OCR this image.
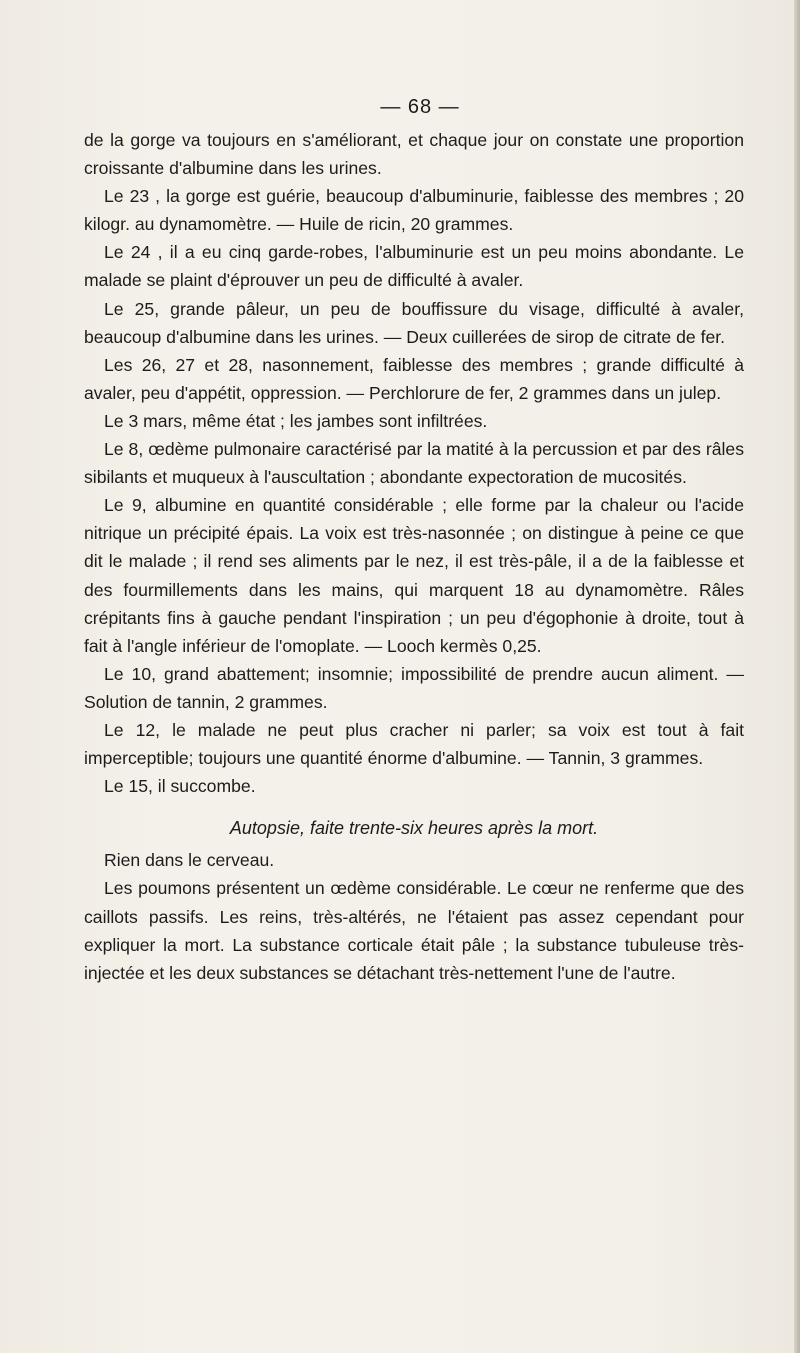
— 68 —

de la gorge va toujours en s'améliorant, et chaque jour on constate une proportion croissante d'albumine dans les urines.

Le 23 , la gorge est guérie, beaucoup d'albuminurie, faiblesse des membres ; 20 kilogr. au dynamomètre. — Huile de ricin, 20 grammes.

Le 24 , il a eu cinq garde-robes, l'albuminurie est un peu moins abondante. Le malade se plaint d'éprouver un peu de difficulté à avaler.

Le 25, grande pâleur, un peu de bouffissure du visage, difficulté à avaler, beaucoup d'albumine dans les urines. — Deux cuillerées de sirop de citrate de fer.

Les 26, 27 et 28, nasonnement, faiblesse des membres ; grande difficulté à avaler, peu d'appétit, oppression. — Perchlorure de fer, 2 grammes dans un julep.

Le 3 mars, même état ; les jambes sont infiltrées.

Le 8, œdème pulmonaire caractérisé par la matité à la percussion et par des râles sibilants et muqueux à l'auscultation ; abondante expectoration de mucosités.

Le 9, albumine en quantité considérable ; elle forme par la chaleur ou l'acide nitrique un précipité épais. La voix est très-nasonnée ; on distingue à peine ce que dit le malade ; il rend ses aliments par le nez, il est très-pâle, il a de la faiblesse et des fourmillements dans les mains, qui marquent 18 au dynamomètre. Râles crépitants fins à gauche pendant l'inspiration ; un peu d'égophonie à droite, tout à fait à l'angle inférieur de l'omoplate. — Looch kermès 0,25.

Le 10, grand abattement; insomnie; impossibilité de prendre aucun aliment. — Solution de tannin, 2 grammes.

Le 12, le malade ne peut plus cracher ni parler; sa voix est tout à fait imperceptible; toujours une quantité énorme d'albumine. — Tannin, 3 grammes.

Le 15, il succombe.

Autopsie, faite trente-six heures après la mort.

Rien dans le cerveau.

Les poumons présentent un œdème considérable. Le cœur ne renferme que des caillots passifs. Les reins, très-altérés, ne l'étaient pas assez cependant pour expliquer la mort. La substance corticale était pâle ; la substance tubuleuse très-injectée et les deux substances se détachant très-nettement l'une de l'autre.
